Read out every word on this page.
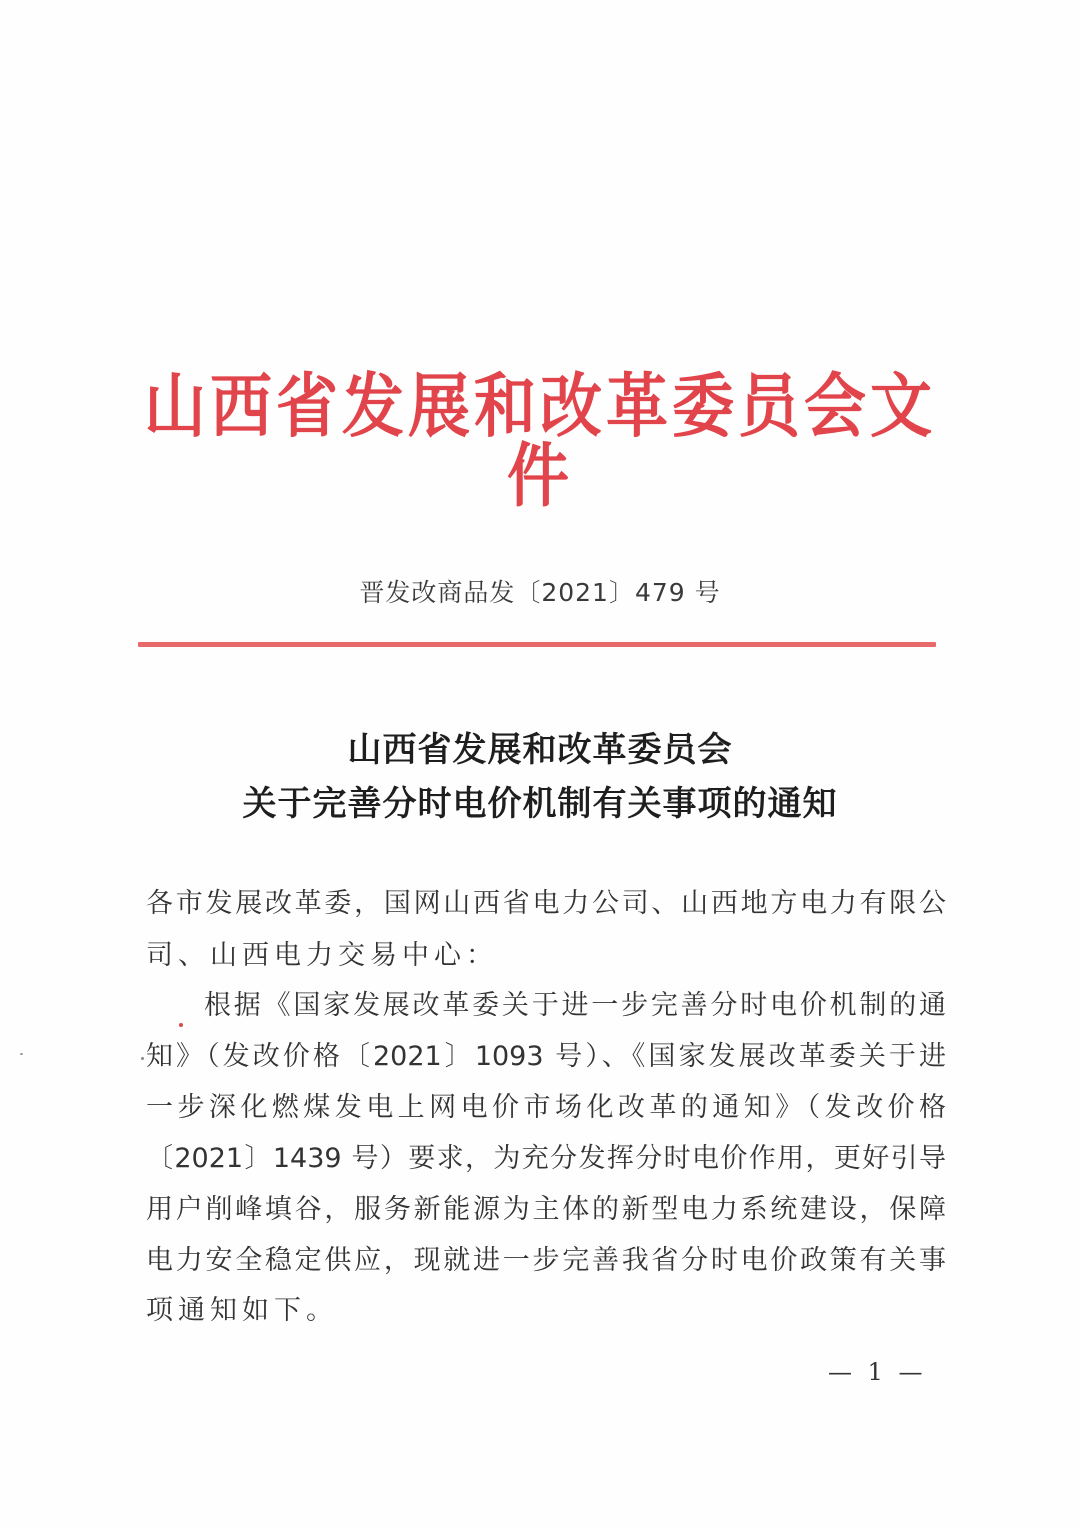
山西省发展和改革委员会文件
晋发改商品发〔2021〕479 号
山西省发展和改革委员会
关于完善分时电价机制有关事项的通知
各市发展改革委，国网山西省电力公司、山西地方电力有限公
司、山西电力交易中心：
根据《国家发展改革委关于进一步完善分时电价机制的通
知》（发改价格〔2021〕1093 号）、《国家发展改革委关于进
一步深化燃煤发电上网电价市场化改革的通知》（发改价格
〔2021〕1439 号）要求，为充分发挥分时电价作用，更好引导
用户削峰填谷，服务新能源为主体的新型电力系统建设，保障
电力安全稳定供应，现就进一步完善我省分时电价政策有关事
项通知如下。
— 1 —
